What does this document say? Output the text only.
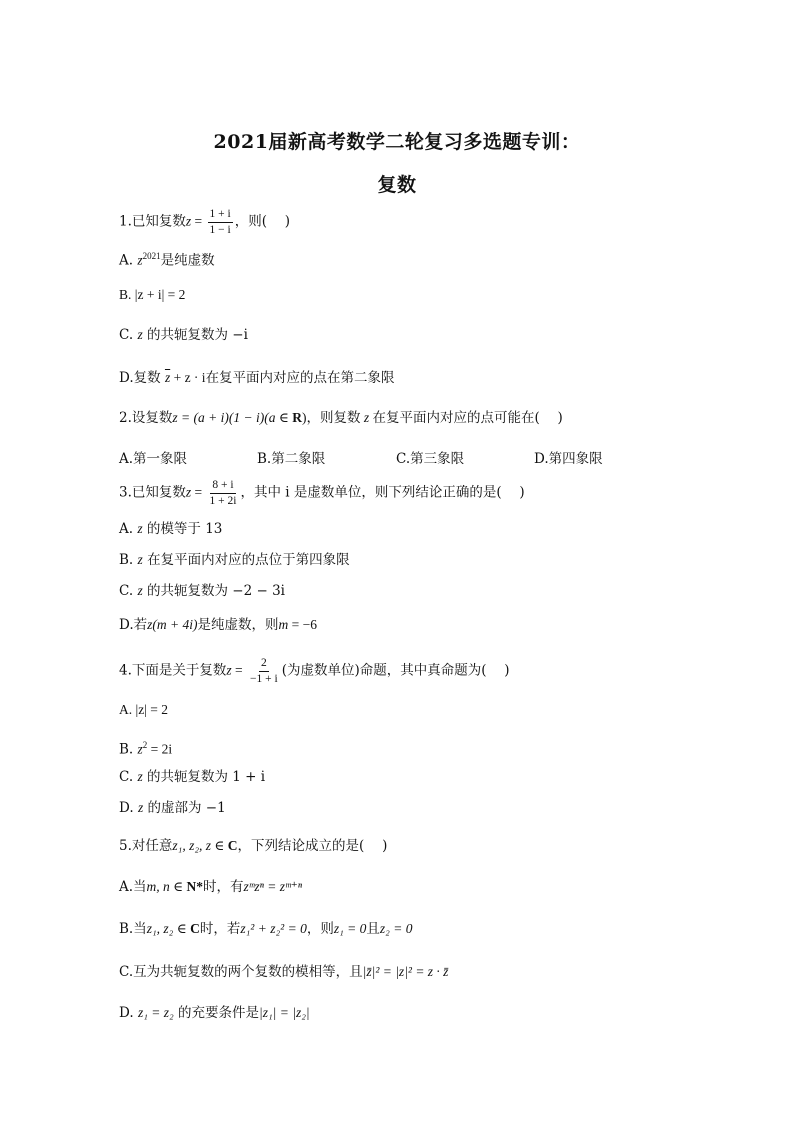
2021届新高考数学二轮复习多选题专训：
复数
1.已知复数$z = \frac{1 + i}{1 - i}$ ，则(　 )
A. $z^{2021}$是纯虚数
B. |z + i| = 2
C. z 的共轭复数为 −i
D.复数 $\overline{z} + z \cdot i$在复平面内对应的点在第二象限
2.设复数z = (a + i)(1 − i)(a ∈ R)，则复数 z 在复平面内对应的点可能在(　 )
A.第一象限	B.第二象限	C.第三象限	D.第四象限
3.已知复数$z = \frac{8 + i}{1 + 2i}$ ，其中 i 是虚数单位，则下列结论正确的是(　 )
A. z 的模等于 13
B. z 在复平面内对应的点位于第四象限
C. z 的共轭复数为 −2 − 3i
D.若z(m + 4i)是纯虚数，则m = −6
4.下面是关于复数$z = \frac{2}{-1 + i}$ (为虚数单位)命题，其中真命题为(　 )
A. |z| = 2
B. $z^2 = 2i$
C. z 的共轭复数为 1 + i
D. z 的虚部为 −1
5.对任意z₁, z₂, z ∈ C，下列结论成立的是(　 )
A.当m, n ∈ N*时，有zᵐzⁿ = zᵐ⁺ⁿ
B.当z₁, z₂ ∈ C时，若z₁² + z₂² = 0，则z₁ = 0且z₂ = 0
C.互为共轭复数的两个复数的模相等，且|z̄|² = |z|² = z · z̄
D. z₁ = z₂ 的充要条件是|z₁| = |z₂|
